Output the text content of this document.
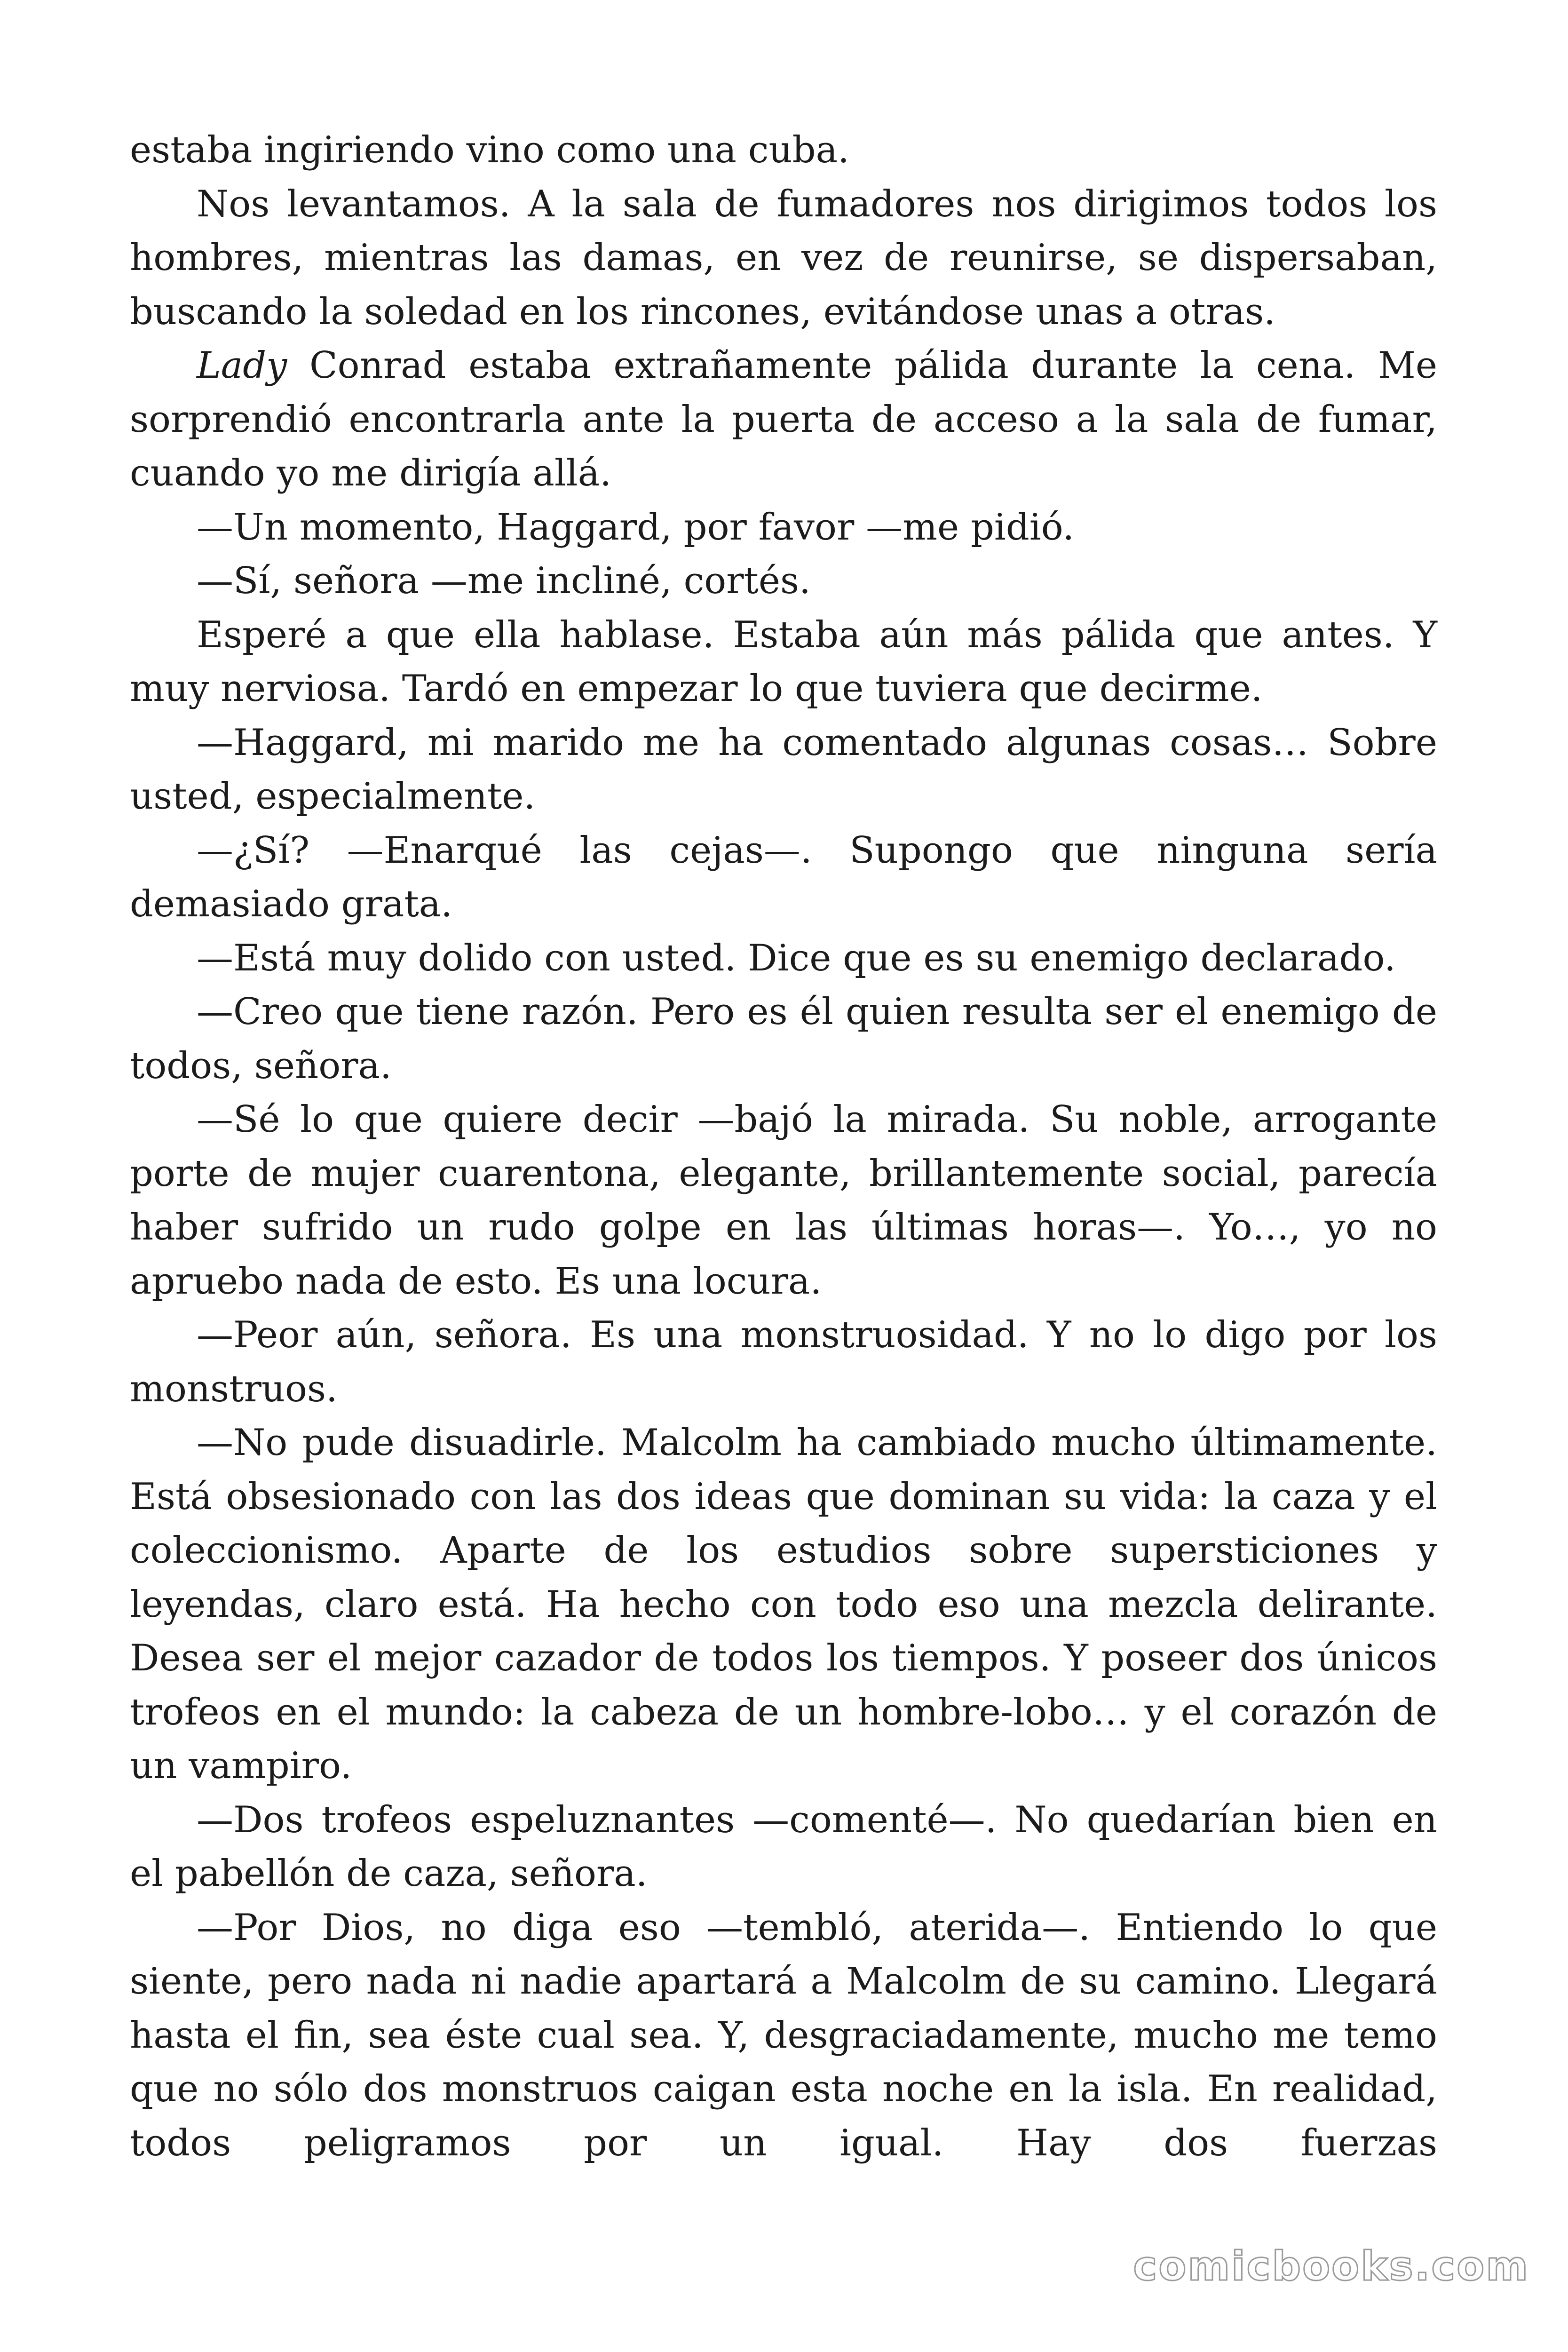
estaba ingiriendo vino como una cuba.

Nos levantamos. A la sala de fumadores nos dirigimos todos los hombres, mientras las damas, en vez de reunirse, se dispersaban, buscando la soledad en los rincones, evitándose unas a otras.

Lady Conrad estaba extrañamente pálida durante la cena. Me sorprendió encontrarla ante la puerta de acceso a la sala de fumar, cuando yo me dirigía allá.

—Un momento, Haggard, por favor —me pidió.

—Sí, señora —me incliné, cortés.

Esperé a que ella hablase. Estaba aún más pálida que antes. Y muy nerviosa. Tardó en empezar lo que tuviera que decirme.

—Haggard, mi marido me ha comentado algunas cosas… Sobre usted, especialmente.

—¿Sí? —Enarqué las cejas—. Supongo que ninguna sería demasiado grata.

—Está muy dolido con usted. Dice que es su enemigo declarado.

—Creo que tiene razón. Pero es él quien resulta ser el enemigo de todos, señora.

—Sé lo que quiere decir —bajó la mirada. Su noble, arrogante porte de mujer cuarentona, elegante, brillantemente social, parecía haber sufrido un rudo golpe en las últimas horas—. Yo…, yo no apruebo nada de esto. Es una locura.

—Peor aún, señora. Es una monstruosidad. Y no lo digo por los monstruos.

—No pude disuadirle. Malcolm ha cambiado mucho últimamente. Está obsesionado con las dos ideas que dominan su vida: la caza y el coleccionismo. Aparte de los estudios sobre supersticiones y leyendas, claro está. Ha hecho con todo eso una mezcla delirante. Desea ser el mejor cazador de todos los tiempos. Y poseer dos únicos trofeos en el mundo: la cabeza de un hombre-lobo… y el corazón de un vampiro.

—Dos trofeos espeluznantes —comenté—. No quedarían bien en el pabellón de caza, señora.

—Por Dios, no diga eso —tembló, aterida—. Entiendo lo que siente, pero nada ni nadie apartará a Malcolm de su camino. Llegará hasta el fin, sea éste cual sea. Y, desgraciadamente, mucho me temo que no sólo dos monstruos caigan esta noche en la isla. En realidad, todos peligramos por un igual. Hay dos fuerzas

comicbooks.com
